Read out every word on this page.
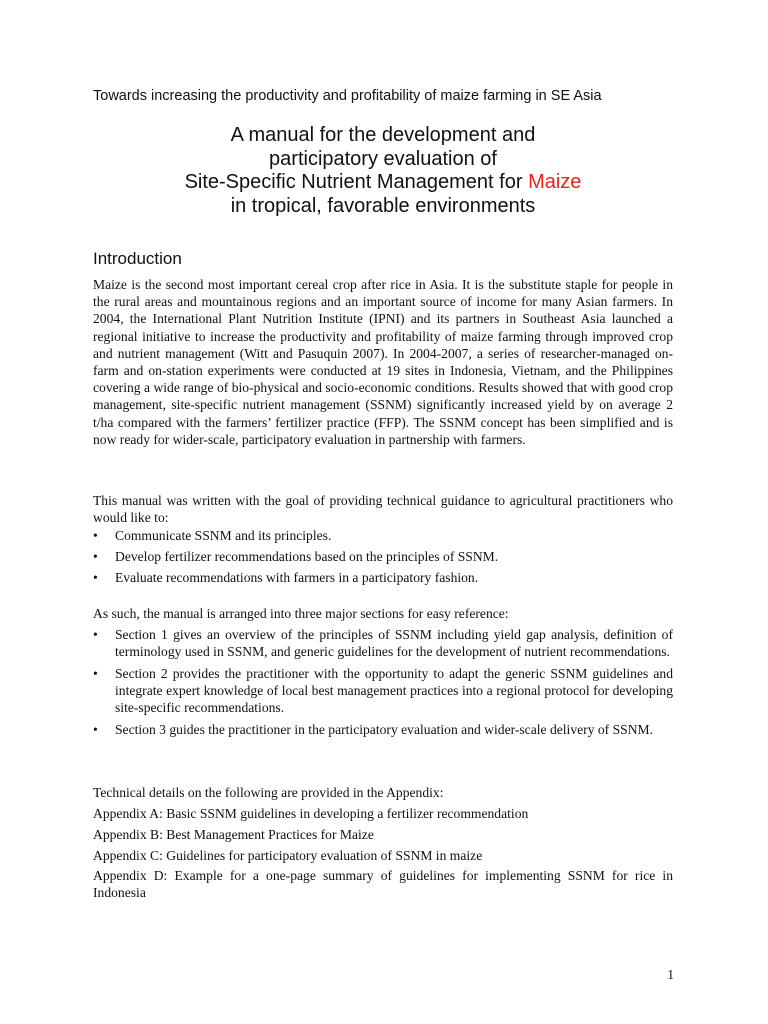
Towards increasing the productivity and profitability of maize farming in SE Asia
A manual for the development and
participatory evaluation of
Site-Specific Nutrient Management for Maize
in tropical, favorable environments
Introduction

Maize is the second most important cereal crop after rice in Asia. It is the substitute staple for people in the rural areas and mountainous regions and an important source of income for many Asian farmers. In 2004, the International Plant Nutrition Institute (IPNI) and its partners in Southeast Asia launched a regional initiative to increase the productivity and profitability of maize farming through improved crop and nutrient management (Witt and Pasuquin 2007). In 2004-2007, a series of researcher-managed on-farm and on-station experiments were conducted at 19 sites in Indonesia, Vietnam, and the Philippines covering a wide range of bio-physical and socio-economic conditions. Results showed that with good crop management, site-specific nutrient management (SSNM) significantly increased yield by on average 2 t/ha compared with the farmers’ fertilizer practice (FFP). The SSNM concept has been simplified and is now ready for wider-scale, participatory evaluation in partnership with farmers.

This manual was written with the goal of providing technical guidance to agricultural practitioners who would like to:

•	Communicate SSNM and its principles.
•	Develop fertilizer recommendations based on the principles of SSNM.
•	Evaluate recommendations with farmers in a participatory fashion.

As such, the manual is arranged into three major sections for easy reference:

•	Section 1 gives an overview of the principles of SSNM including yield gap analysis, definition of terminology used in SSNM, and generic guidelines for the development of nutrient recommendations.
•	Section 2 provides the practitioner with the opportunity to adapt the generic SSNM guidelines and integrate expert knowledge of local best management practices into a regional protocol for developing site-specific recommendations.
•	Section 3 guides the practitioner in the participatory evaluation and wider-scale delivery of SSNM.

Technical details on the following are provided in the Appendix:

Appendix A: Basic SSNM guidelines in developing a fertilizer recommendation

Appendix B: Best Management Practices for Maize

Appendix C: Guidelines for participatory evaluation of SSNM in maize

Appendix D: Example for a one-page summary of guidelines for implementing SSNM for rice in Indonesia

1
